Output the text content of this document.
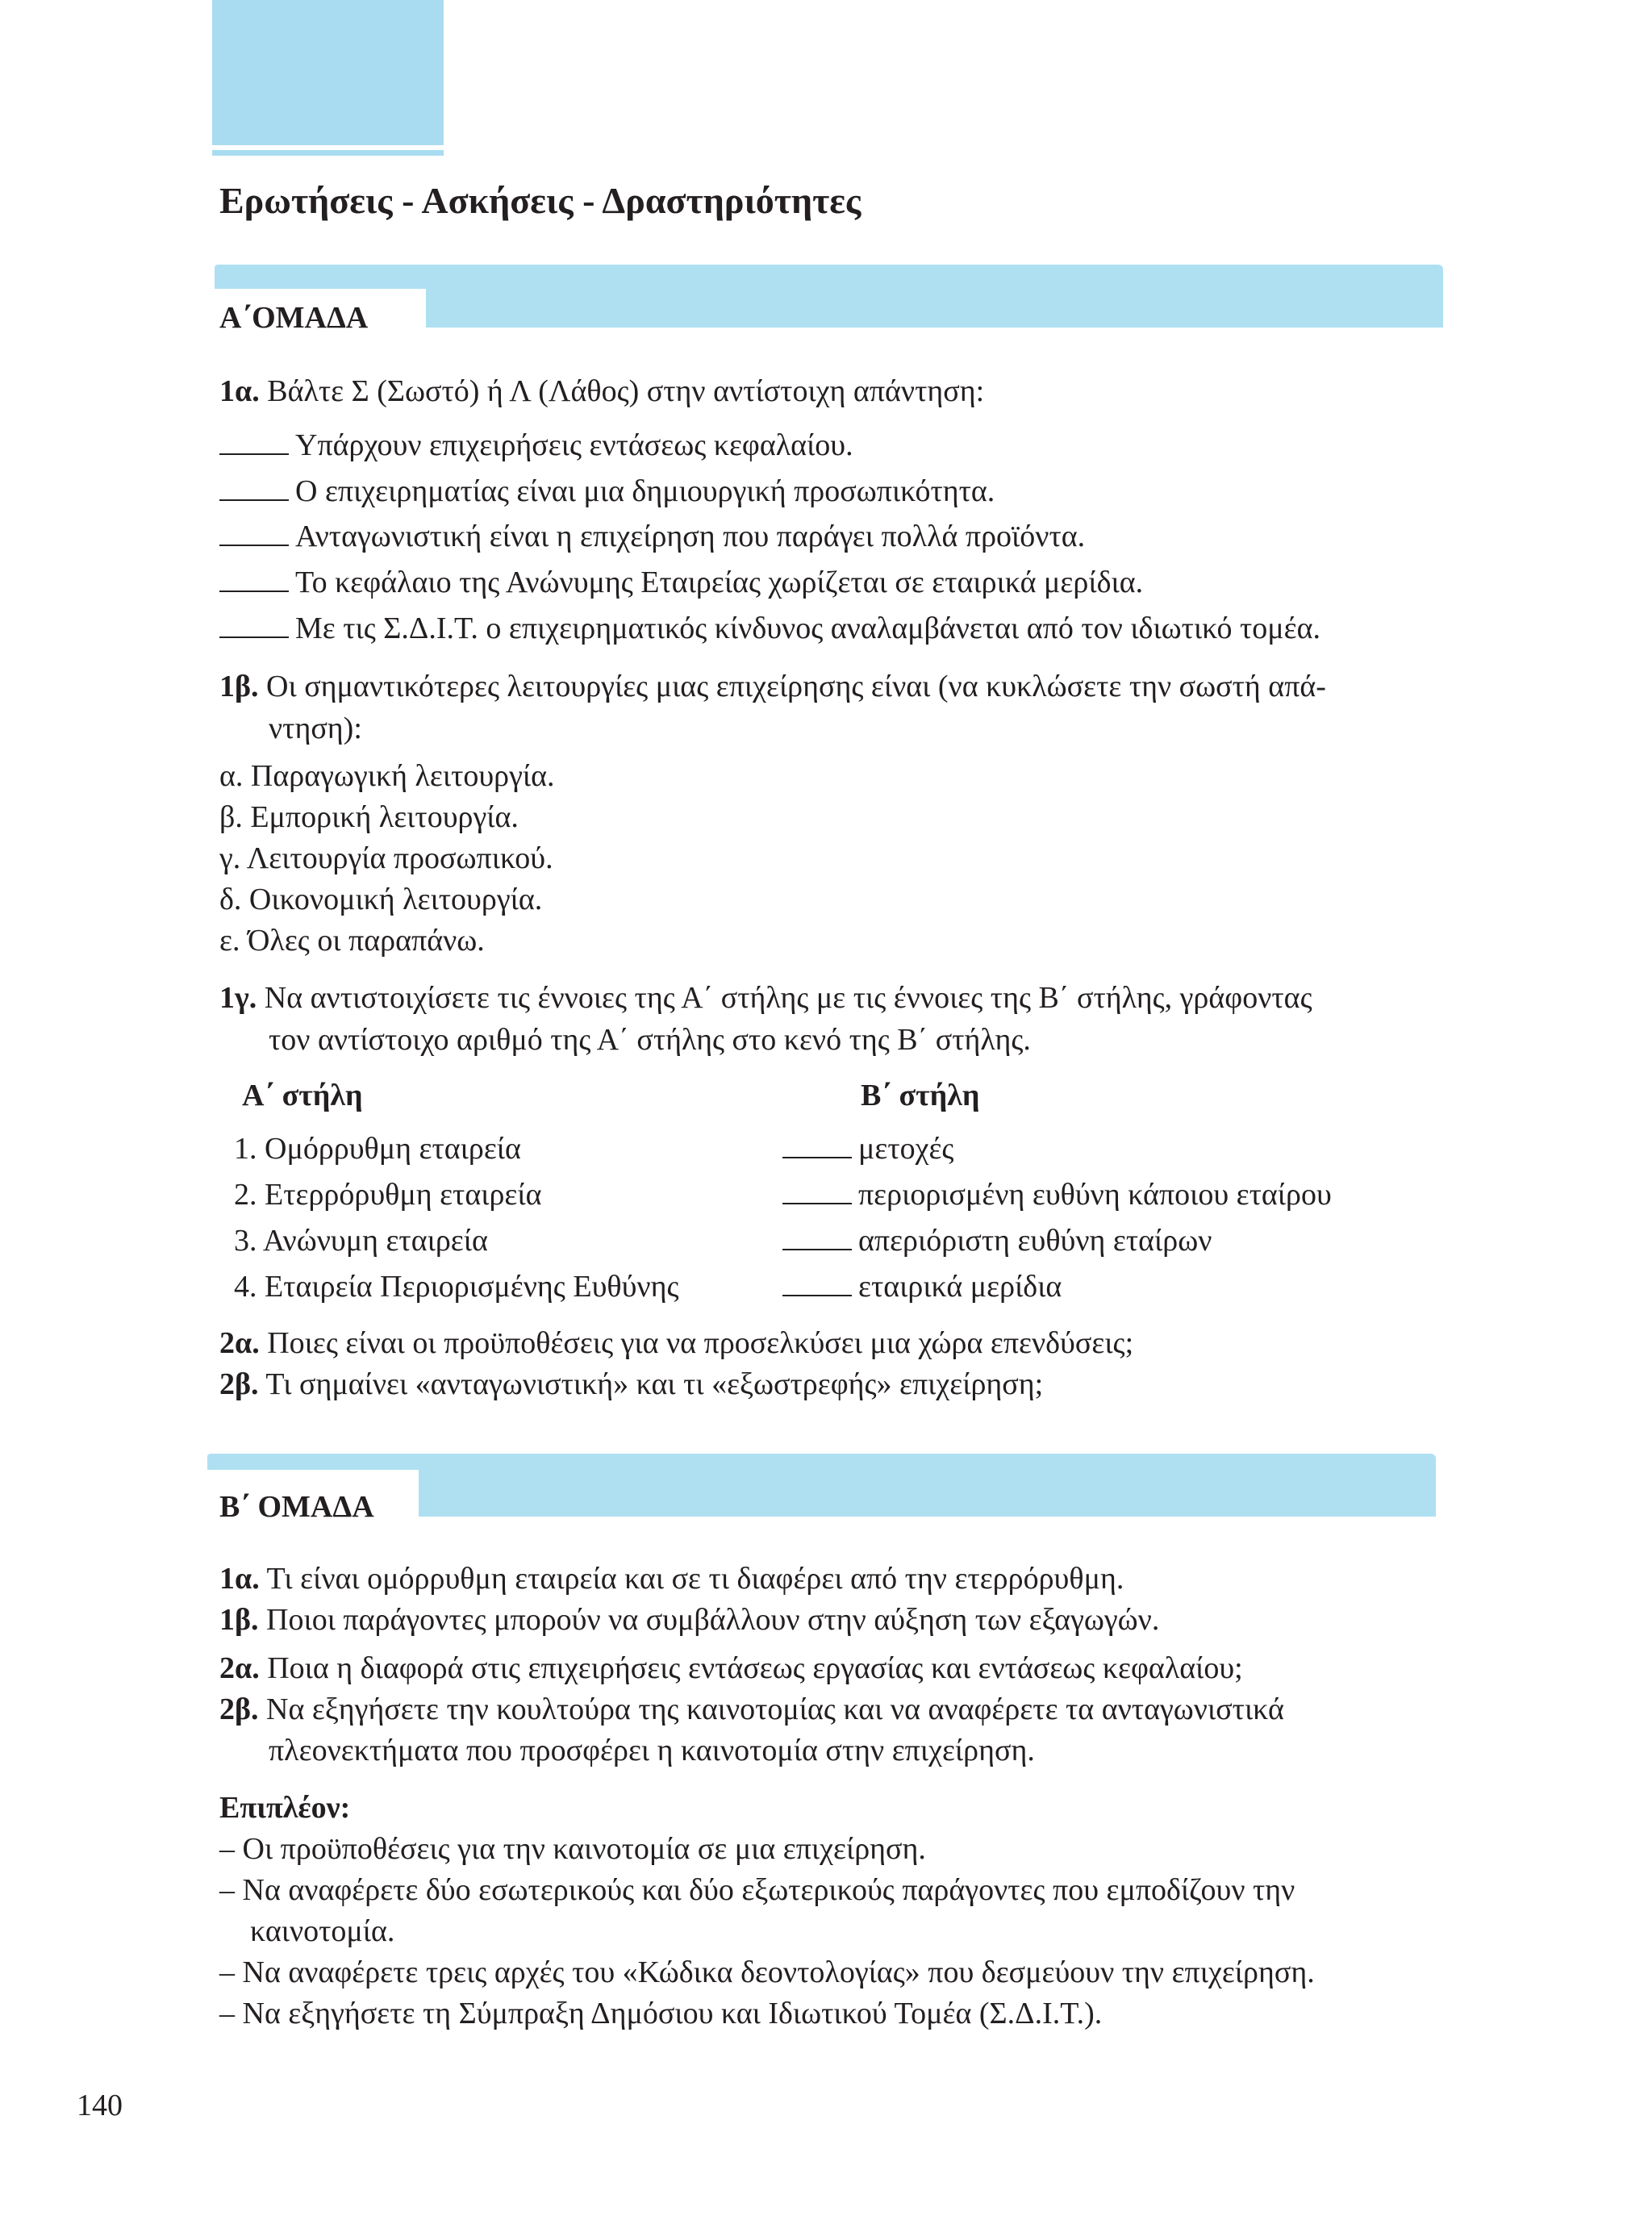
Ερωτήσεις - Ασκήσεις - Δραστηριότητες
Α΄ΟΜΑΔΑ
1α. Βάλτε Σ (Σωστό) ή Λ (Λάθος) στην αντίστοιχη απάντηση:
Υπάρχουν επιχειρήσεις εντάσεως κεφαλαίου.
Ο επιχειρηματίας είναι μια δημιουργική προσωπικότητα.
Ανταγωνιστική είναι η επιχείρηση που παράγει πολλά προϊόντα.
Το κεφάλαιο της Ανώνυμης Εταιρείας χωρίζεται σε εταιρικά μερίδια.
Με τις Σ.Δ.Ι.Τ. ο επιχειρηματικός κίνδυνος αναλαμβάνεται από τον ιδιωτικό τομέα.
1β. Οι σημαντικότερες λειτουργίες μιας επιχείρησης είναι (να κυκλώσετε την σωστή απά-
ντηση):
α. Παραγωγική λειτουργία.
β. Εμπορική λειτουργία.
γ. Λειτουργία προσωπικού.
δ. Οικονομική λειτουργία.
ε. Όλες οι παραπάνω.
1γ. Να αντιστοιχίσετε τις έννοιες της Α΄ στήλης με τις έννοιες της Β΄ στήλης, γράφοντας
τον αντίστοιχο αριθμό της Α΄ στήλης στο κενό της Β΄ στήλης.
Α΄ στήλη	Β΄ στήλη
1. Ομόρρυθμη εταιρεία
2. Ετερρόρυθμη εταιρεία
3. Ανώνυμη εταιρεία
4. Εταιρεία Περιορισμένης Ευθύνης
μετοχές
περιορισμένη ευθύνη κάποιου εταίρου
απεριόριστη ευθύνη εταίρων
εταιρικά μερίδια
2α. Ποιες είναι οι προϋποθέσεις για να προσελκύσει μια χώρα επενδύσεις;
2β. Τι σημαίνει «ανταγωνιστική» και τι «εξωστρεφής» επιχείρηση;
Β΄ ΟΜΑΔΑ
1α. Τι είναι ομόρρυθμη εταιρεία και σε τι διαφέρει από την ετερρόρυθμη.
1β. Ποιοι παράγοντες μπορούν να συμβάλλουν στην αύξηση των εξαγωγών.
2α. Ποια η διαφορά στις επιχειρήσεις εντάσεως εργασίας και εντάσεως κεφαλαίου;
2β. Να εξηγήσετε την κουλτούρα της καινοτομίας και να αναφέρετε τα ανταγωνιστικά
πλεονεκτήματα που προσφέρει η καινοτομία στην επιχείρηση.
Επιπλέον:
– Οι προϋποθέσεις για την καινοτομία σε μια επιχείρηση.
– Να αναφέρετε δύο εσωτερικούς και δύο εξωτερικούς παράγοντες που εμποδίζουν την
καινοτομία.
– Να αναφέρετε τρεις αρχές του «Κώδικα δεοντολογίας» που δεσμεύουν την επιχείρηση.
– Να εξηγήσετε τη Σύμπραξη Δημόσιου και Ιδιωτικού Τομέα (Σ.Δ.Ι.Τ.).
140
